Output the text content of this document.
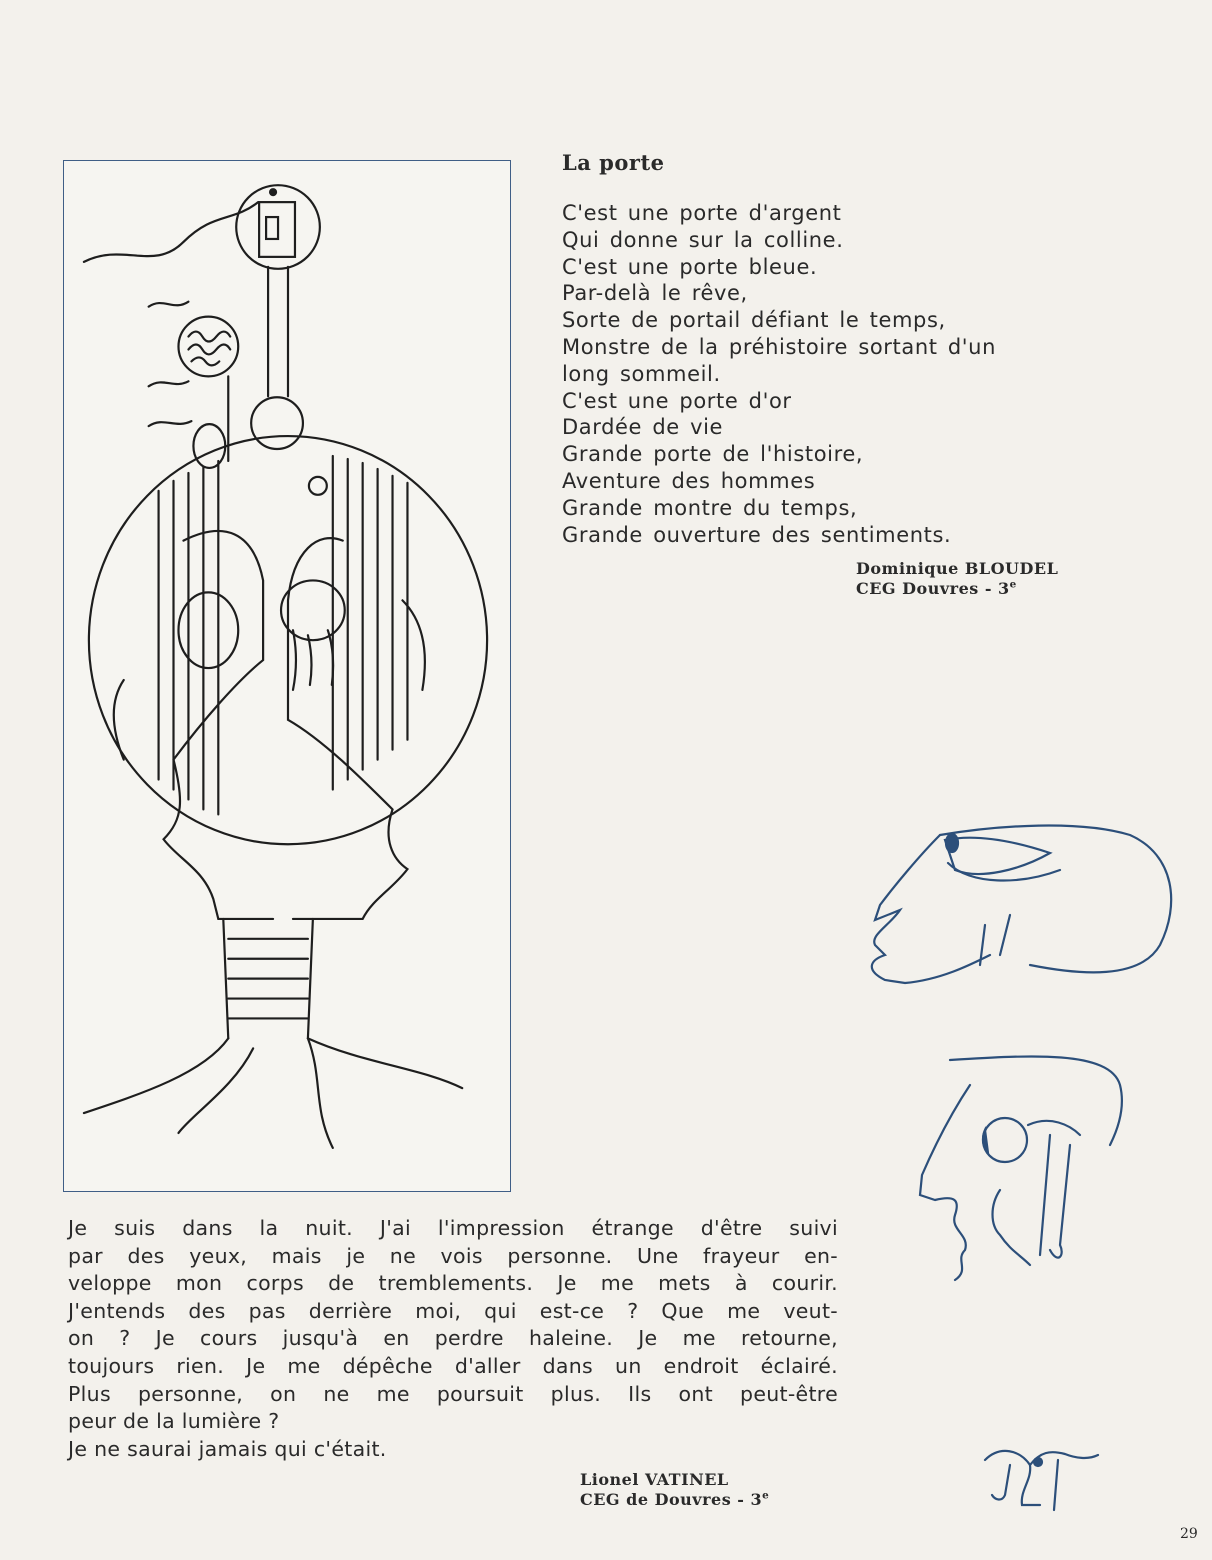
La porte
C'est une porte d'argent
Qui donne sur la colline.
C'est une porte bleue.
Par-delà le rêve,
Sorte de portail défiant le temps,
Monstre de la préhistoire sortant d'un
long sommeil.
C'est une porte d'or
Dardée de vie
Grande porte de l'histoire,
Aventure des hommes
Grande montre du temps,
Grande ouverture des sentiments.
Dominique BLOUDEL
CEG Douvres - 3e
Je suis dans la nuit. J'ai l'impression étrange d'être suivi
par des yeux, mais je ne vois personne. Une frayeur en-
veloppe mon corps de tremblements. Je me mets à courir.
J'entends des pas derrière moi, qui est-ce ? Que me veut-
on ? Je cours jusqu'à en perdre haleine. Je me retourne,
toujours rien. Je me dépêche d'aller dans un endroit éclairé.
Plus personne, on ne me poursuit plus. Ils ont peut-être
peur de la lumière ?
Je ne saurai jamais qui c'était.
Lionel VATINEL
CEG de Douvres - 3e
29
